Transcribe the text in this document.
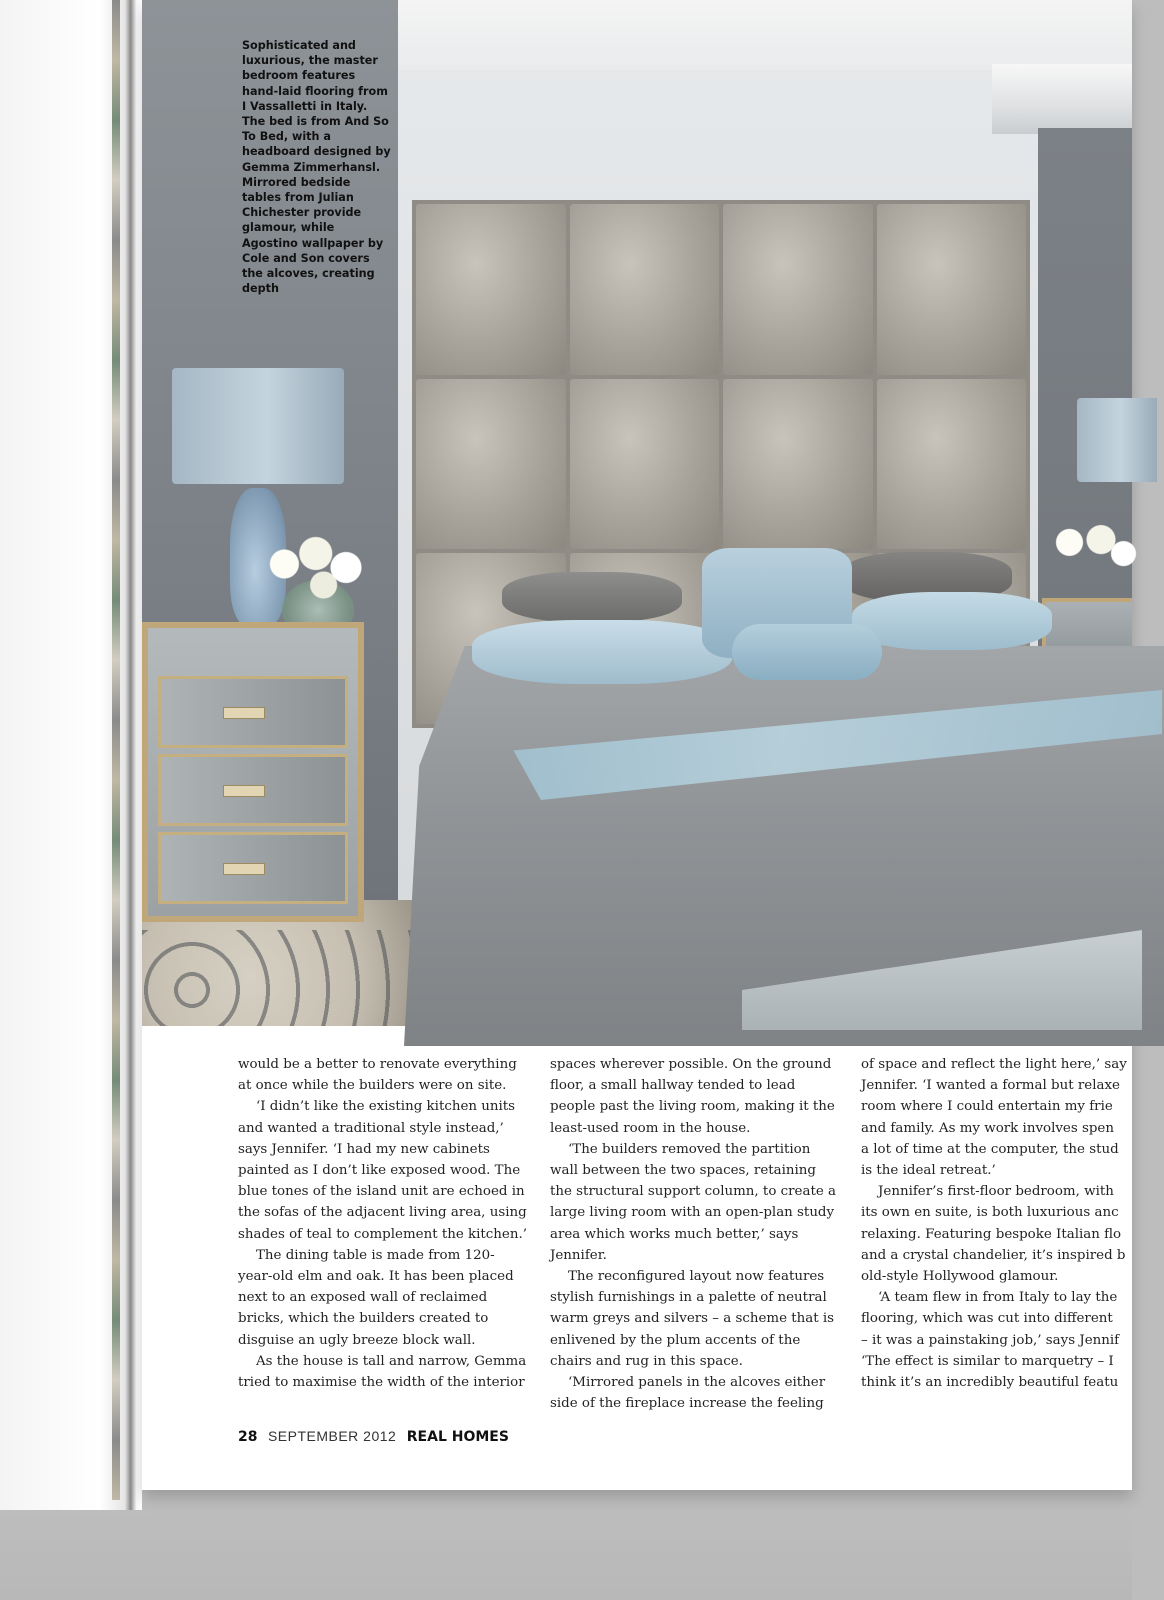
Sophisticated and luxurious, the master bedroom features hand-laid flooring from I Vassalletti in Italy. The bed is from And So To Bed, with a headboard designed by Gemma Zimmerhansl. Mirrored bedside tables from Julian Chichester provide glamour, while Agostino wallpaper by Cole and Son covers the alcoves, creating depth

would be a better to renovate everything at once while the builders were on site.

‘I didn’t like the existing kitchen units and wanted a traditional style instead,’ says Jennifer. ‘I had my new cabinets painted as I don’t like exposed wood. The blue tones of the island unit are echoed in the sofas of the adjacent living area, using shades of teal to complement the kitchen.’

The dining table is made from 120-year-old elm and oak. It has been placed next to an exposed wall of reclaimed bricks, which the builders created to disguise an ugly breeze block wall.

As the house is tall and narrow, Gemma tried to maximise the width of the interior

spaces wherever possible. On the ground floor, a small hallway tended to lead people past the living room, making it the least-used room in the house.

‘The builders removed the partition wall between the two spaces, retaining the structural support column, to create a large living room with an open-plan study area which works much better,’ says Jennifer.

The reconfigured layout now features stylish furnishings in a palette of neutral warm greys and silvers – a scheme that is enlivened by the plum accents of the chairs and rug in this space.

‘Mirrored panels in the alcoves either side of the fireplace increase the feeling

of space and reflect the light here,’ say
Jennifer. ‘I wanted a formal but relaxe
room where I could entertain my frie
and family. As my work involves spen
a lot of time at the computer, the stud
is the ideal retreat.’
Jennifer’s first-floor bedroom, with
its own en suite, is both luxurious anc
relaxing. Featuring bespoke Italian flo
and a crystal chandelier, it’s inspired b
old-style Hollywood glamour.
‘A team flew in from Italy to lay the
flooring, which was cut into different
– it was a painstaking job,’ says Jennif
‘The effect is similar to marquetry – I
think it’s an incredibly beautiful featu
28 SEPTEMBER 2012 REAL HOMES
